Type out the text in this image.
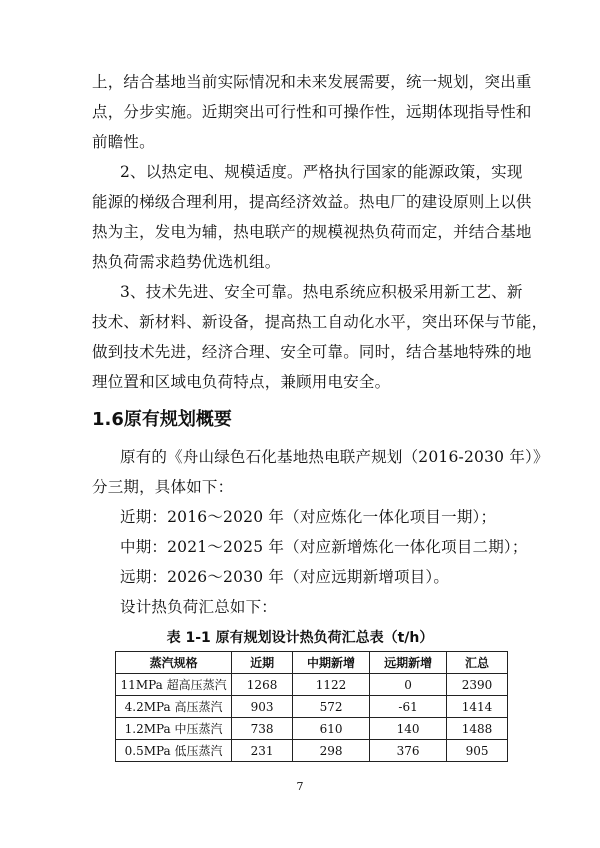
上，结合基地当前实际情况和未来发展需要，统一规划，突出重
点，分步实施。近期突出可行性和可操作性，远期体现指导性和
前瞻性。
2、以热定电、规模适度。严格执行国家的能源政策，实现
能源的梯级合理利用，提高经济效益。热电厂的建设原则上以供
热为主，发电为辅，热电联产的规模视热负荷而定，并结合基地
热负荷需求趋势优选机组。
3、技术先进、安全可靠。热电系统应积极采用新工艺、新
技术、新材料、新设备，提高热工自动化水平，突出环保与节能，
做到技术先进，经济合理、安全可靠。同时，结合基地特殊的地
理位置和区域电负荷特点，兼顾用电安全。
1.6原有规划概要
原有的《舟山绿色石化基地热电联产规划（2016-2030 年）》
分三期，具体如下：
近期：2016～2020 年（对应炼化一体化项目一期）；
中期：2021～2025 年（对应新增炼化一体化项目二期）；
远期：2026～2030 年（对应远期新增项目）。
设计热负荷汇总如下：
表 1-1 原有规划设计热负荷汇总表（t/h）
蒸汽规格	近期	中期新增	远期新增	汇总
11MPa 超高压蒸汽	1268	1122	0	2390
4.2MPa 高压蒸汽	903	572	-61	1414
1.2MPa 中压蒸汽	738	610	140	1488
0.5MPa 低压蒸汽	231	298	376	905
7
